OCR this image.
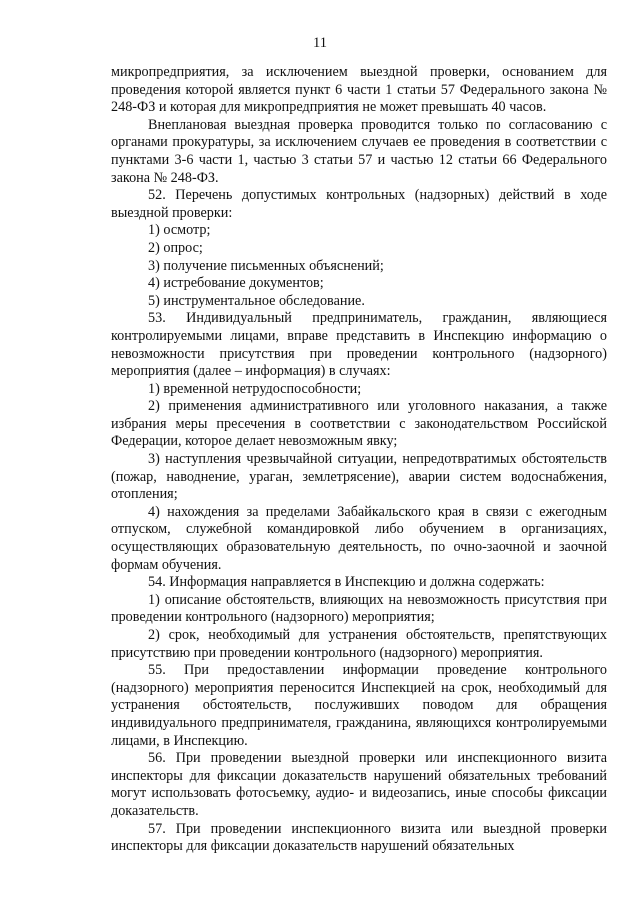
11

микропредприятия, за исключением выездной проверки, основанием для проведения которой является пункт 6 части 1 статьи 57 Федерального закона № 248-ФЗ и которая для микропредприятия не может превышать 40 часов.

Внеплановая выездная проверка проводится только по согласованию с органами прокуратуры, за исключением случаев ее проведения в соответствии с пунктами 3-6 части 1, частью 3 статьи 57 и частью 12 статьи 66 Федерального закона № 248-ФЗ.

52. Перечень допустимых контрольных (надзорных) действий в ходе выездной проверки:

1) осмотр;

2) опрос;

3) получение письменных объяснений;

4) истребование документов;

5) инструментальное обследование.

53. Индивидуальный предприниматель, гражданин, являющиеся контролируемыми лицами, вправе представить в Инспекцию информацию о невозможности присутствия при проведении контрольного (надзорного) мероприятия (далее – информация) в случаях:

1) временной нетрудоспособности;

2) применения административного или уголовного наказания, а также избрания меры пресечения в соответствии с законодательством Российской Федерации, которое делает невозможным явку;

3) наступления чрезвычайной ситуации, непредотвратимых обстоятельств (пожар, наводнение, ураган, землетрясение), аварии систем водоснабжения, отопления;

4) нахождения за пределами Забайкальского края в связи с ежегодным отпуском, служебной командировкой либо обучением в организациях, осуществляющих образовательную деятельность, по очно-заочной и заочной формам обучения.

54. Информация направляется в Инспекцию и должна содержать:

1) описание обстоятельств, влияющих на невозможность присутствия при проведении контрольного (надзорного) мероприятия;

2) срок, необходимый для устранения обстоятельств, препятствующих присутствию при проведении контрольного (надзорного) мероприятия.

55. При предоставлении информации проведение контрольного (надзорного) мероприятия переносится Инспекцией на срок, необходимый для устранения обстоятельств, послуживших поводом для обращения индивидуального предпринимателя, гражданина, являющихся контролируемыми лицами, в Инспекцию.

56. При проведении выездной проверки или инспекционного визита инспекторы для фиксации доказательств нарушений обязательных требований могут использовать фотосъемку, аудио- и видеозапись, иные способы фиксации доказательств.

57. При проведении инспекционного визита или выездной проверки инспекторы для фиксации доказательств нарушений обязательных
